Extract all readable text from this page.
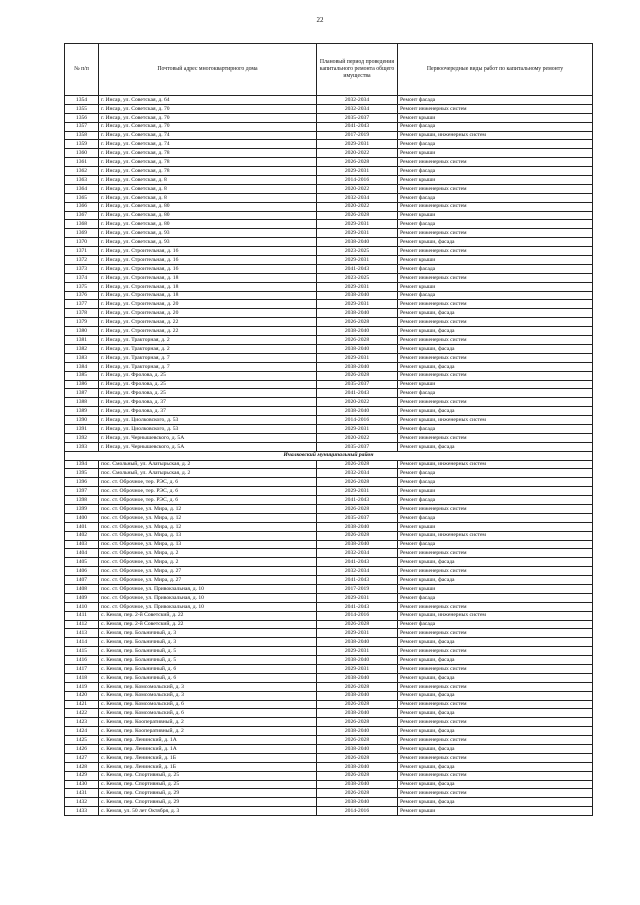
22
№ п/п	Почтовый адрес многоквартирного дома	Плановый период проведения капитального ремонта общего имущества	Первоочередные виды работ по капитальному ремонту
1354	г. Инсар, ул. Советская, д. 64	2032-2034	Ремонт фасада
1355	г. Инсар, ул. Советская, д. 70	2032-2034	Ремонт инженерных систем
1356	г. Инсар, ул. Советская, д. 70	2035-2037	Ремонт крыши
1357	г. Инсар, ул. Советская, д. 70	2041-2043	Ремонт фасада
1358	г. Инсар, ул. Советская, д. 74	2017-2019	Ремонт крыши, инженерных систем
1359	г. Инсар, ул. Советская, д. 74	2029-2031	Ремонт фасада
1360	г. Инсар, ул. Советская, д. 78	2020-2022	Ремонт крыши
1361	г. Инсар, ул. Советская, д. 78	2026-2028	Ремонт инженерных систем
1362	г. Инсар, ул. Советская, д. 78	2029-2031	Ремонт фасада
1363	г. Инсар, ул. Советская, д. 8	2014-2016	Ремонт крыши
1364	г. Инсар, ул. Советская, д. 8	2020-2022	Ремонт инженерных систем
1365	г. Инсар, ул. Советская, д. 8	2032-2034	Ремонт фасада
1366	г. Инсар, ул. Советская, д. 80	2020-2022	Ремонт инженерных систем
1367	г. Инсар, ул. Советская, д. 80	2026-2028	Ремонт крыши
1368	г. Инсар, ул. Советская, д. 80	2029-2031	Ремонт фасада
1369	г. Инсар, ул. Советская, д. 93	2029-2031	Ремонт инженерных систем
1370	г. Инсар, ул. Советская, д. 93	2038-2040	Ремонт крыши, фасада
1371	г. Инсар, ул. Строительная, д. 16	2023-2025	Ремонт инженерных систем
1372	г. Инсар, ул. Строительная, д. 16	2029-2031	Ремонт крыши
1373	г. Инсар, ул. Строительная, д. 16	2041-2043	Ремонт фасада
1374	г. Инсар, ул. Строительная, д. 18	2023-2025	Ремонт инженерных систем
1375	г. Инсар, ул. Строительная, д. 18	2029-2031	Ремонт крыши
1376	г. Инсар, ул. Строительная, д. 18	2038-2040	Ремонт фасада
1377	г. Инсар, ул. Строительная, д. 20	2029-2031	Ремонт инженерных систем
1378	г. Инсар, ул. Строительная, д. 20	2038-2040	Ремонт крыши, фасада
1379	г. Инсар, ул. Строительная, д. 22	2026-2028	Ремонт инженерных систем
1380	г. Инсар, ул. Строительная, д. 22	2038-2040	Ремонт крыши, фасада
1381	г. Инсар, ул. Тракторная, д. 2	2026-2028	Ремонт инженерных систем
1382	г. Инсар, ул. Тракторная, д. 2	2038-2040	Ремонт крыши, фасада
1383	г. Инсар, ул. Тракторная, д. 7	2029-2031	Ремонт инженерных систем
1384	г. Инсар, ул. Тракторная, д. 7	2038-2040	Ремонт крыши, фасада
1385	г. Инсар, ул. Фролова, д. 25	2026-2028	Ремонт инженерных систем
1386	г. Инсар, ул. Фролова, д. 25	2035-2037	Ремонт крыши
1387	г. Инсар, ул. Фролова, д. 25	2041-2043	Ремонт фасада
1388	г. Инсар, ул. Фролова, д. 37	2020-2022	Ремонт инженерных систем
1389	г. Инсар, ул. Фролова, д. 37	2038-2040	Ремонт крыши, фасада
1390	г. Инсар, ул. Циолковского, д. 53	2014-2016	Ремонт крыши, инженерных систем
1391	г. Инсар, ул. Циолковского, д. 53	2029-2031	Ремонт фасада
1392	г. Инсар, ул. Чернышевского, д. 5А	2020-2022	Ремонт инженерных систем
1393	г. Инсар, ул. Чернышевского, д. 5А	2035-2037	Ремонт крыши, фасада
Ичалковский муниципальный район			
1394	пос. Смольный, ул. Алатырьская, д. 2	2026-2028	Ремонт крыши, инженерных систем
1395	пос. Смольный, ул. Алатырьская, д. 2	2032-2034	Ремонт фасада
1396	пос. ст. Оброчное, тер. РЭС, д. 6	2026-2028	Ремонт фасада
1397	пос. ст. Оброчное, тер. РЭС, д. 6	2029-2031	Ремонт крыши
1398	пос. ст. Оброчное, тер. РЭС, д. 6	2041-2043	Ремонт фасада
1399	пос. ст. Оброчное, ул. Мира, д. 12	2026-2028	Ремонт инженерных систем
1400	пос. ст. Оброчное, ул. Мира, д. 12	2035-2037	Ремонт фасада
1401	пос. ст. Оброчное, ул. Мира, д. 12	2038-2040	Ремонт крыши
1402	пос. ст. Оброчное, ул. Мира, д. 13	2026-2028	Ремонт крыши, инженерных систем
1403	пос. ст. Оброчное, ул. Мира, д. 13	2038-2040	Ремонт фасада
1404	пос. ст. Оброчное, ул. Мира, д. 2	2032-2034	Ремонт инженерных систем
1405	пос. ст. Оброчное, ул. Мира, д. 2	2041-2043	Ремонт крыши, фасада
1406	пос. ст. Оброчное, ул. Мира, д. 27	2032-2034	Ремонт инженерных систем
1407	пос. ст. Оброчное, ул. Мира, д. 27	2041-2043	Ремонт крыши, фасада
1408	пос. ст. Оброчное, ул. Привокзальная, д. 10	2017-2019	Ремонт крыши
1409	пос. ст. Оброчное, ул. Привокзальная, д. 10	2029-2031	Ремонт фасада
1410	пос. ст. Оброчное, ул. Привокзальная, д. 10	2041-2043	Ремонт инженерных систем
1411	с. Кемля, пер. 2-й Советский, д. 22	2014-2016	Ремонт крыши, инженерных систем
1412	с. Кемля, пер. 2-й Советский, д. 22	2026-2028	Ремонт фасада
1413	с. Кемля, пер. Больничный, д. 3	2029-2031	Ремонт инженерных систем
1414	с. Кемля, пер. Больничный, д. 3	2038-2040	Ремонт крыши, фасада
1415	с. Кемля, пер. Больничный, д. 5	2029-2031	Ремонт инженерных систем
1416	с. Кемля, пер. Больничный, д. 5	2038-2040	Ремонт крыши, фасада
1417	с. Кемля, пер. Больничный, д. 6	2029-2031	Ремонт инженерных систем
1418	с. Кемля, пер. Больничный, д. 6	2038-2040	Ремонт крыши, фасада
1419	с. Кемля, пер. Комсомольский, д. 3	2026-2028	Ремонт инженерных систем
1420	с. Кемля, пер. Комсомольский, д. 3	2038-2040	Ремонт крыши, фасада
1421	с. Кемля, пер. Комсомольский, д. 6	2026-2028	Ремонт инженерных систем
1422	с. Кемля, пер. Комсомольский, д. 6	2038-2040	Ремонт крыши, фасада
1423	с. Кемля, пер. Кооперативный, д. 2	2026-2028	Ремонт инженерных систем
1424	с. Кемля, пер. Кооперативный, д. 2	2038-2040	Ремонт крыши, фасада
1425	с. Кемля, пер. Ленинский, д. 1А	2026-2028	Ремонт инженерных систем
1426	с. Кемля, пер. Ленинский, д. 1А	2038-2040	Ремонт крыши, фасада
1427	с. Кемля, пер. Ленинский, д. 1Б	2026-2028	Ремонт инженерных систем
1428	с. Кемля, пер. Ленинский, д. 1Б	2038-2040	Ремонт крыши, фасада
1429	с. Кемля, пер. Спортивный, д. 25	2026-2028	Ремонт инженерных систем
1430	с. Кемля, пер. Спортивный, д. 25	2038-2040	Ремонт крыши, фасада
1431	с. Кемля, пер. Спортивный, д. 29	2026-2028	Ремонт инженерных систем
1432	с. Кемля, пер. Спортивный, д. 29	2038-2040	Ремонт крыши, фасада
1433	с. Кемля, ул. 50 лет Октября, д. 3	2014-2016	Ремонт крыши
